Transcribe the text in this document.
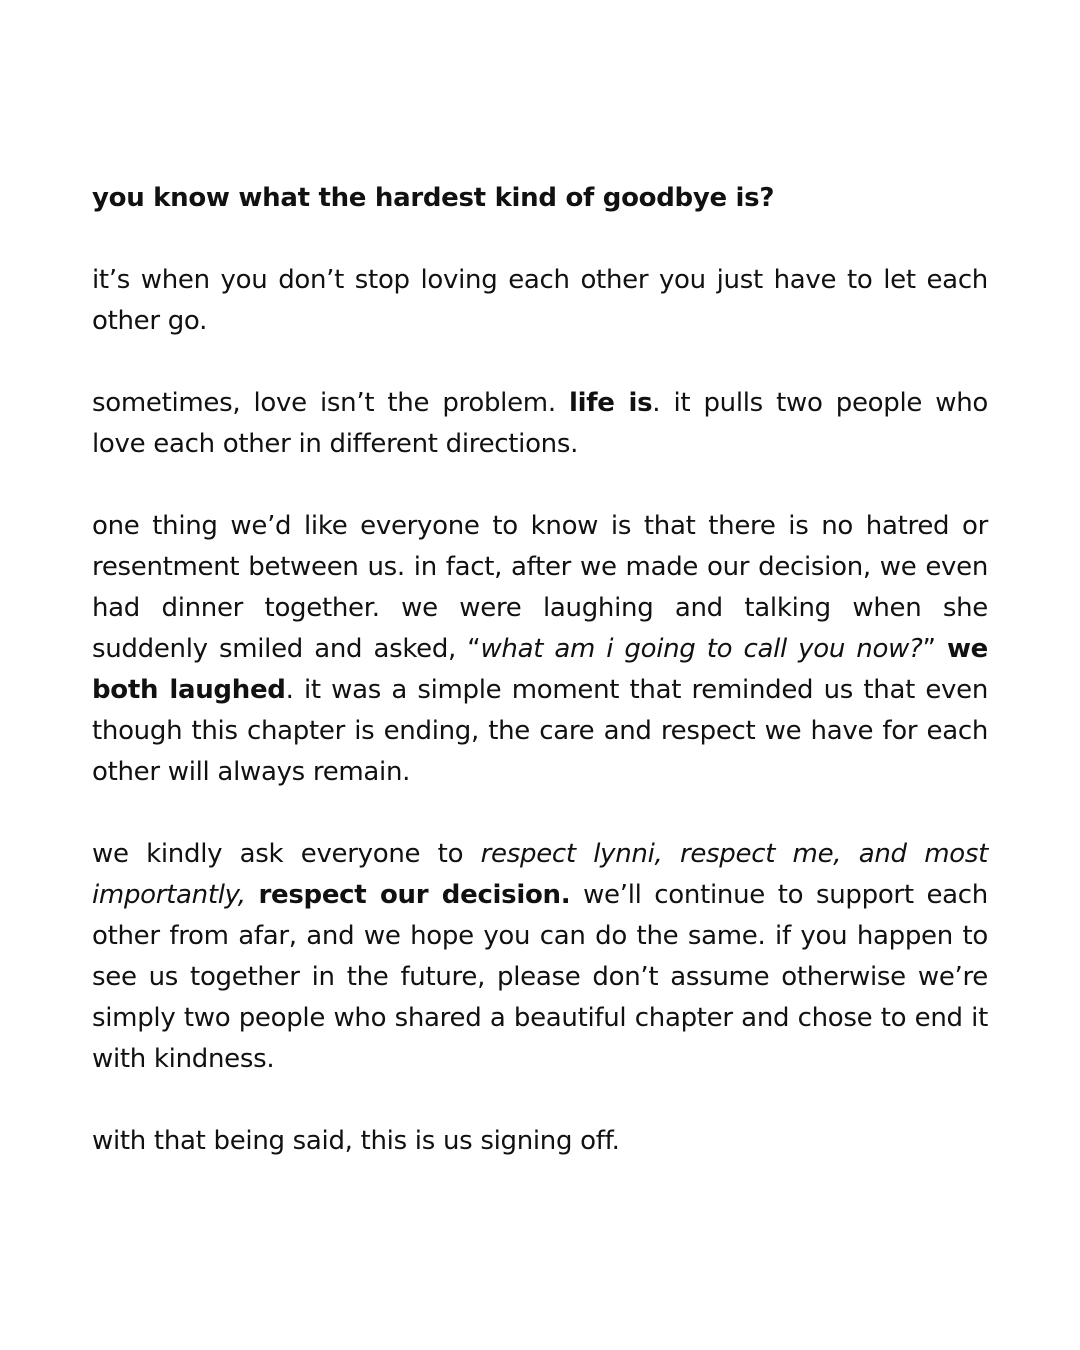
you know what the hardest kind of goodbye is?

it’s when you don’t stop loving each other you just have to let each other go.

sometimes, love isn’t the problem. life is. it pulls two people who love each other in different directions.

one thing we’d like everyone to know is that there is no hatred or resentment between us. in fact, after we made our decision, we even had dinner together. we were laughing and talking when she suddenly smiled and asked, “what am i going to call you now?” we both laughed. it was a simple moment that reminded us that even though this chapter is ending, the care and respect we have for each other will always remain.

we kindly ask everyone to respect lynni, respect me, and most importantly, respect our decision. we’ll continue to support each other from afar, and we hope you can do the same. if you happen to see us together in the future, please don’t assume otherwise we’re simply two people who shared a beautiful chapter and chose to end it with kindness.

with that being said, this is us signing off.
